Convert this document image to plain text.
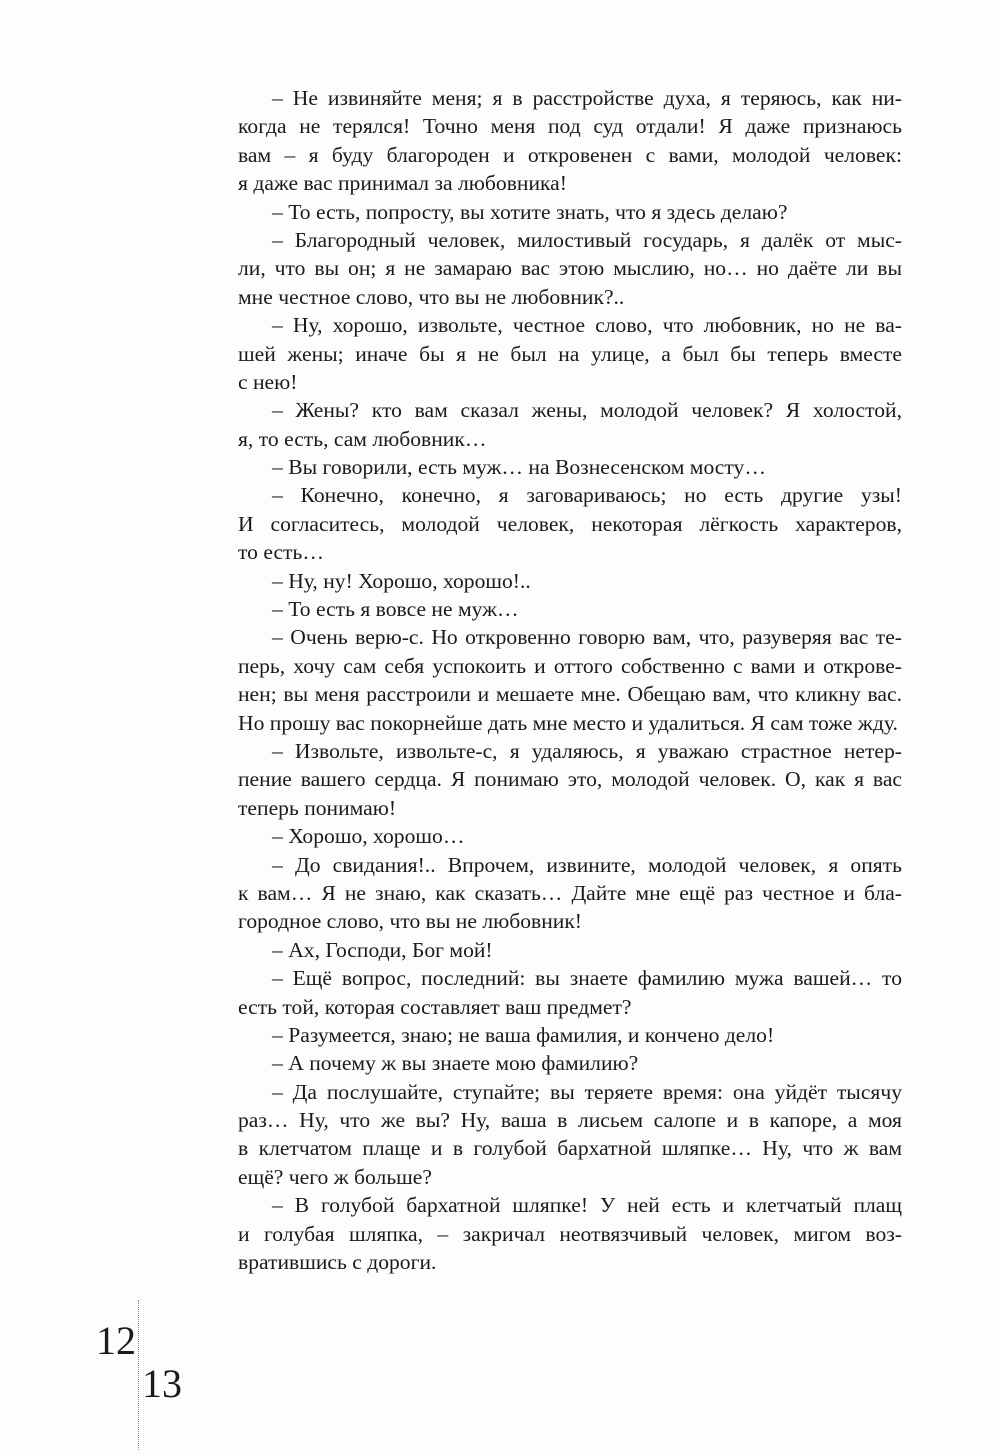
– Не извиняйте меня; я в расстройстве духа, я теряюсь, как ни-
когда не терялся! Точно меня под суд отдали! Я даже признаюсь
вам – я буду благороден и откровенен с вами, молодой человек:
я даже вас принимал за любовника!
– То есть, попросту, вы хотите знать, что я здесь делаю?
– Благородный человек, милостивый государь, я далёк от мыс-
ли, что вы он; я не замараю вас этою мыслию, но… но даёте ли вы
мне честное слово, что вы не любовник?..
– Ну, хорошо, извольте, честное слово, что любовник, но не ва-
шей жены; иначе бы я не был на улице, а был бы теперь вместе
с нею!
– Жены? кто вам сказал жены, молодой человек? Я холостой,
я, то есть, сам любовник…
– Вы говорили, есть муж… на Вознесенском мосту…
– Конечно, конечно, я заговариваюсь; но есть другие узы!
И согласитесь, молодой человек, некоторая лёгкость характеров,
то есть…
– Ну, ну! Хорошо, хорошо!..
– То есть я вовсе не муж…
– Очень верю-с. Но откровенно говорю вам, что, разуверяя вас те-
перь, хочу сам себя успокоить и оттого собственно с вами и открове-
нен; вы меня расстроили и мешаете мне. Обещаю вам, что кликну вас.
Но прошу вас покорнейше дать мне место и удалиться. Я сам тоже жду.
– Извольте, извольте-с, я удаляюсь, я уважаю страстное нетер-
пение вашего сердца. Я понимаю это, молодой человек. О, как я вас
теперь понимаю!
– Хорошо, хорошо…
– До свидания!.. Впрочем, извините, молодой человек, я опять
к вам… Я не знаю, как сказать… Дайте мне ещё раз честное и бла-
городное слово, что вы не любовник!
– Ах, Господи, Бог мой!
– Ещё вопрос, последний: вы знаете фамилию мужа вашей… то
есть той, которая составляет ваш предмет?
– Разумеется, знаю; не ваша фамилия, и кончено дело!
– А почему ж вы знаете мою фамилию?
– Да послушайте, ступайте; вы теряете время: она уйдёт тысячу
раз… Ну, что же вы? Ну, ваша в лисьем салопе и в капоре, а моя
в клетчатом плаще и в голубой бархатной шляпке… Ну, что ж вам
ещё? чего ж больше?
– В голубой бархатной шляпке! У ней есть и клетчатый плащ
и голубая шляпка, – закричал неотвязчивый человек, мигом воз-
вратившись с дороги.
12
13
